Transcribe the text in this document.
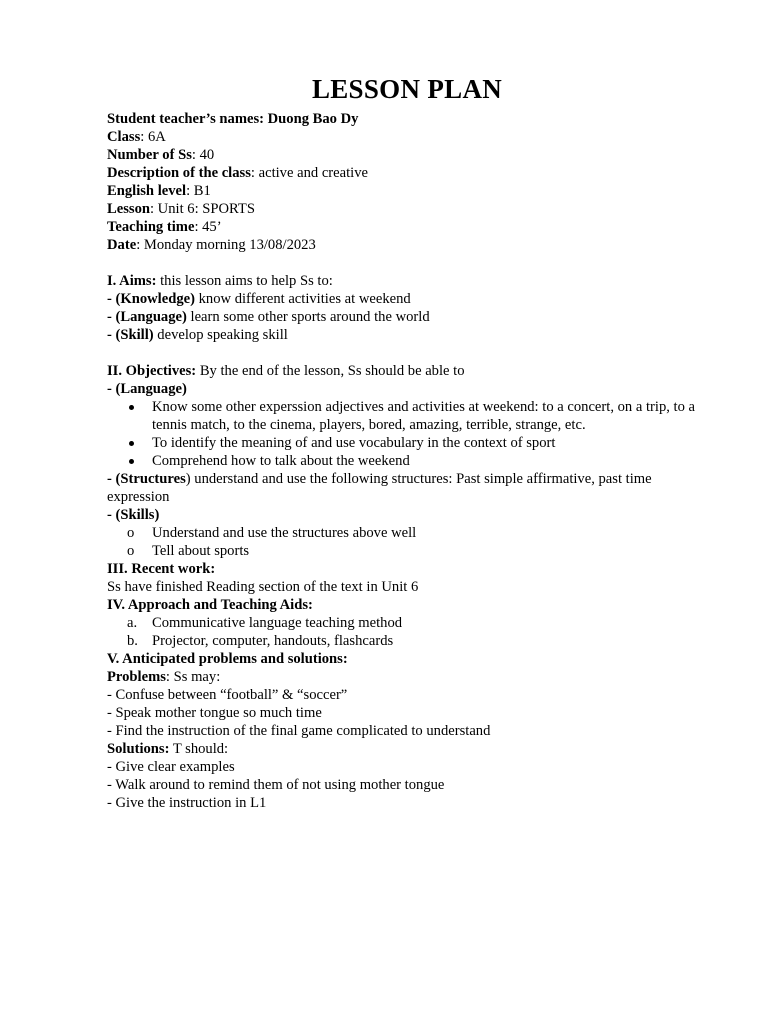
LESSON PLAN
Student teacher’s names: Duong Bao Dy
Class: 6A
Number of Ss: 40
Description of the class: active and creative
English level: B1
Lesson: Unit 6: SPORTS
Teaching time: 45’
Date: Monday morning 13/08/2023
I. Aims: this lesson aims to help Ss to:
- (Knowledge) know different activities at weekend
- (Language) learn some other sports around the world
- (Skill) develop speaking skill
II. Objectives: By the end of the lesson, Ss should be able to
- (Language)
Know some other experssion adjectives and activities at weekend: to a concert, on a trip, to a tennis match, to the cinema, players, bored, amazing, terrible, strange, etc.
To identify the meaning of and use vocabulary in the context of sport
Comprehend how to talk about the weekend
- (Structures) understand and use the following structures: Past simple affirmative, past time expression
- (Skills)
o Understand and use the structures above well
o Tell about sports
III. Recent work:
Ss have finished Reading section of the text in Unit 6
IV. Approach and Teaching Aids:
a. Communicative language teaching method
b. Projector, computer, handouts, flashcards
V. Anticipated problems and solutions:
Problems: Ss may:
- Confuse between “football” & “soccer”
- Speak mother tongue so much time
- Find the instruction of the final game complicated to understand
Solutions: T should:
- Give clear examples
- Walk around to remind them of not using mother tongue
- Give the instruction in L1
